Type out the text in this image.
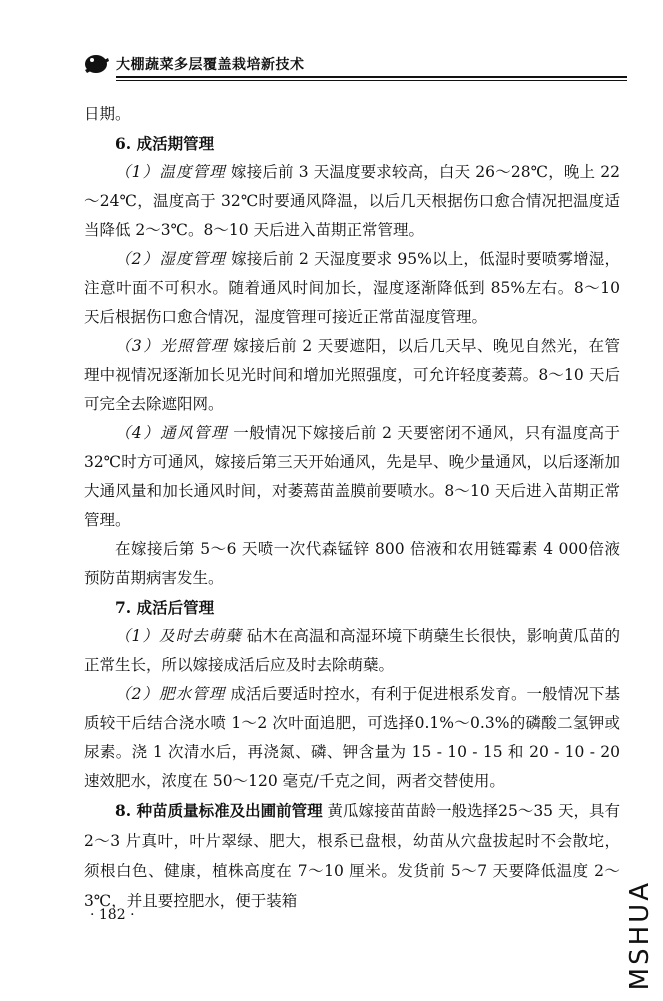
大棚蔬菜多层覆盖栽培新技术

日期。

6. 成活期管理

（1）温度管理 嫁接后前 3 天温度要求较高，白天 26～28℃，晚上 22～24℃，温度高于 32℃时要通风降温，以后几天根据伤口愈合情况把温度适当降低 2～3℃。8～10 天后进入苗期正常管理。

（2）湿度管理 嫁接后前 2 天湿度要求 95%以上，低湿时要喷雾增湿，注意叶面不可积水。随着通风时间加长，湿度逐渐降低到 85%左右。8～10 天后根据伤口愈合情况，湿度管理可接近正常苗湿度管理。

（3）光照管理 嫁接后前 2 天要遮阳，以后几天早、晚见自然光，在管理中视情况逐渐加长见光时间和增加光照强度，可允许轻度萎蔫。8～10 天后可完全去除遮阳网。

（4）通风管理 一般情况下嫁接后前 2 天要密闭不通风，只有温度高于 32℃时方可通风，嫁接后第三天开始通风，先是早、晚少量通风，以后逐渐加大通风量和加长通风时间，对萎蔫苗盖膜前要喷水。8～10 天后进入苗期正常管理。

在嫁接后第 5～6 天喷一次代森锰锌 800 倍液和农用链霉素 4 000倍液预防苗期病害发生。

7. 成活后管理

（1）及时去萌蘖 砧木在高温和高湿环境下萌蘖生长很快，影响黄瓜苗的正常生长，所以嫁接成活后应及时去除萌蘖。

（2）肥水管理 成活后要适时控水，有利于促进根系发育。一般情况下基质较干后结合浇水喷 1～2 次叶面追肥，可选择0.1%～0.3%的磷酸二氢钾或尿素。浇 1 次清水后，再浇氮、磷、钾含量为 15 - 10 - 15 和 20 - 10 - 20 速效肥水，浓度在 50～120 毫克/千克之间，两者交替使用。

8. 种苗质量标准及出圃前管理 黄瓜嫁接苗苗龄一般选择25～35 天，具有 2～3 片真叶，叶片翠绿、肥大，根系已盘根，幼苗从穴盘拔起时不会散坨，须根白色、健康，植株高度在 7～10 厘米。发货前 5～7 天要降低温度 2～3℃，并且要控肥水，便于装箱

· 182 ·	MSHUA
